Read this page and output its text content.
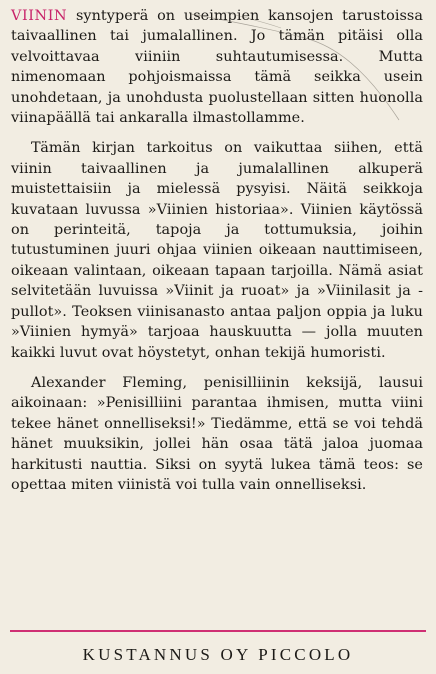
VIININ syntyperä on useimpien kansojen tarustoissa taivaallinen tai jumalallinen. Jo tämän pitäisi olla velvoittavaa viiniin suhtautumisessa. Mutta nimenomaan pohjoismaissa tämä seikka usein unohdetaan, ja unohdusta puolustellaan sitten huonolla viinapäällä tai ankaralla ilmastollamme.

Tämän kirjan tarkoitus on vaikuttaa siihen, että viinin taivaallinen ja jumalallinen alkuperä muistettaisiin ja mielessä pysyisi. Näitä seikkoja kuvataan luvussa »Viinien historiaa». Viinien käytössä on perinteitä, tapoja ja tottumuksia, joihin tutustuminen juuri ohjaa viinien oikeaan nauttimiseen, oikeaan valintaan, oikeaan tapaan tarjoilla. Nämä asiat selvitetään luvuissa »Viinit ja ruoat» ja »Viinilasit ja -pullot». Teoksen viinisanasto antaa paljon oppia ja luku »Viinien hymyä» tarjoaa hauskuutta — jolla muuten kaikki luvut ovat höystetyt, onhan tekijä humoristi.

Alexander Fleming, penisilliinin keksijä, lausui aikoinaan: »Penisilliini parantaa ihmisen, mutta viini tekee hänet onnelliseksi!» Tiedämme, että se voi tehdä hänet muuksikin, jollei hän osaa tätä jaloa juomaa harkitusti nauttia. Siksi on syytä lukea tämä teos: se opettaa miten viinistä voi tulla vain onnelliseksi.

KUSTANNUS OY PICCOLO
